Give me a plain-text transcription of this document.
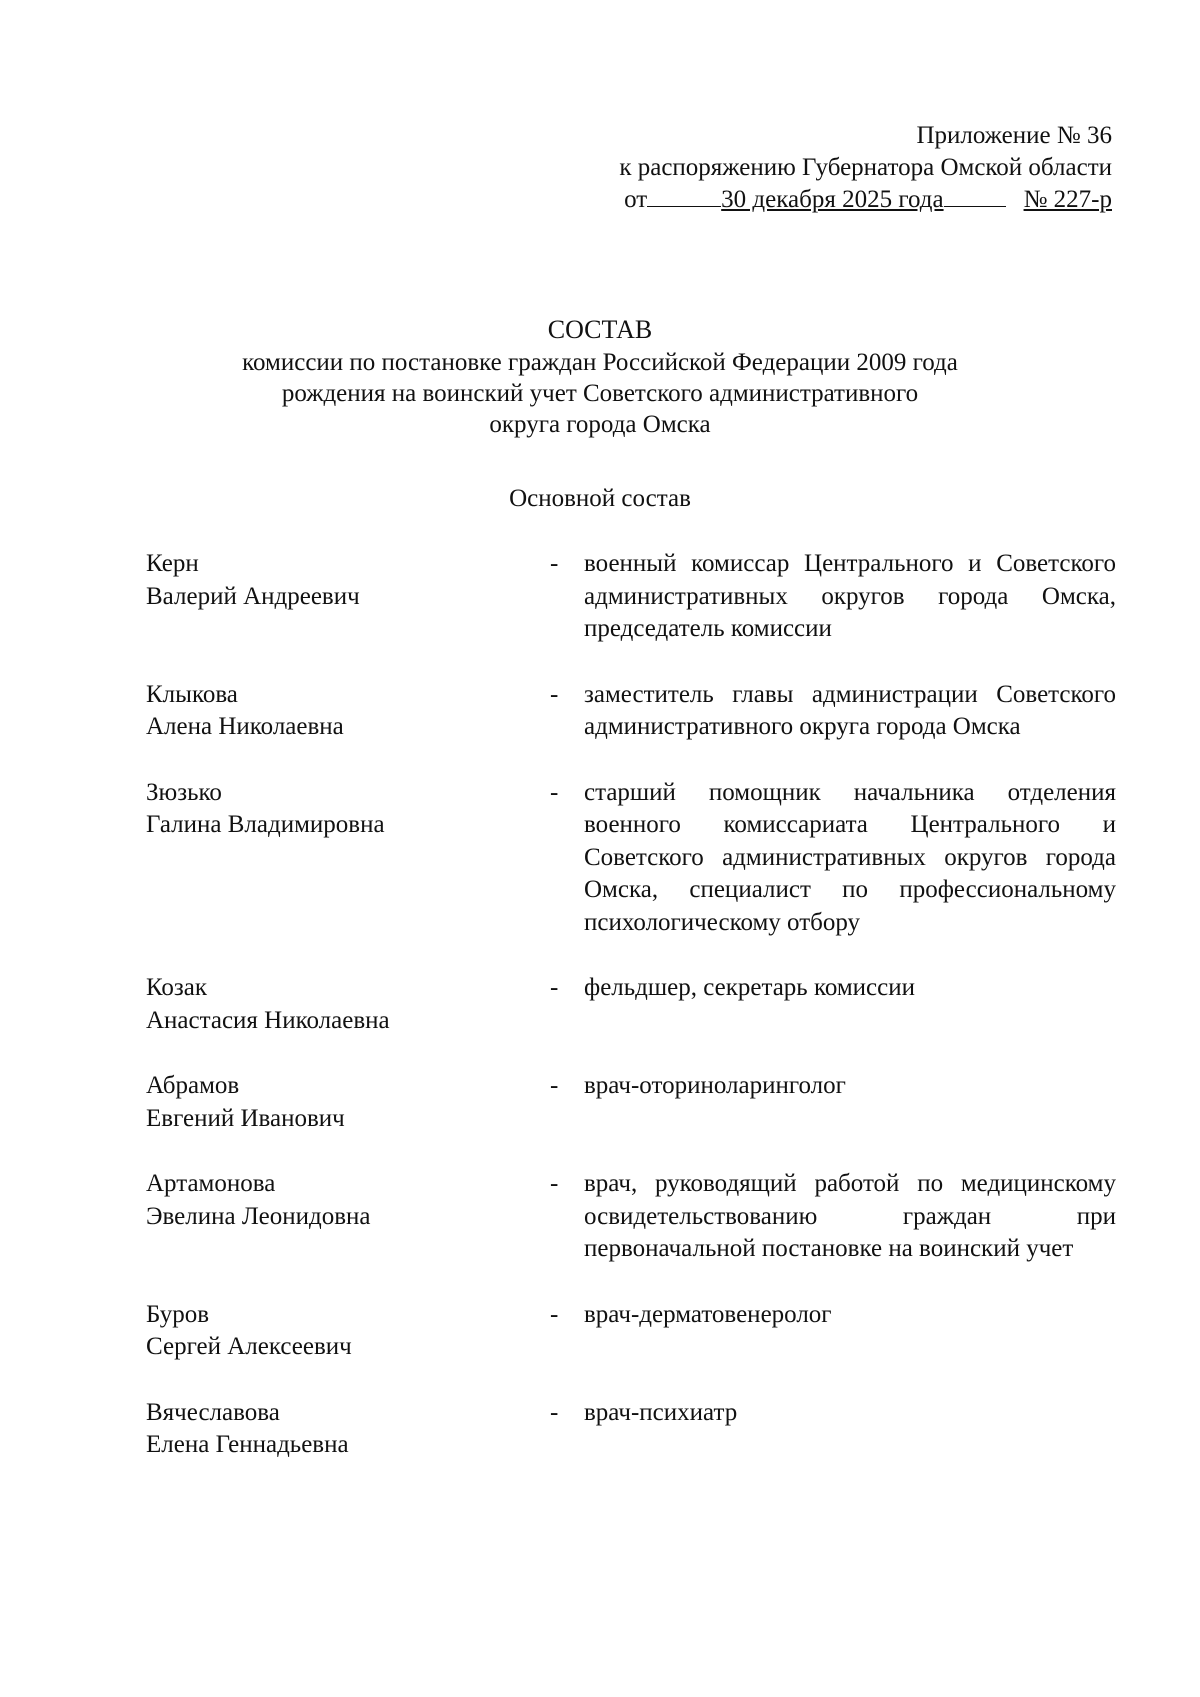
Приложение № 36
к распоряжению Губернатора Омской области
от	30 декабря 2025 года	№ 227-р
СОСТАВ
комиссии по постановке граждан Российской Федерации 2009 года
рождения на воинский учет Советского административного
округа города Омска
Основной состав
Керн
Валерий Андреевич
-	военный комиссар Центрального и Советского административных округов города Омска, председатель комиссии
Клыкова
Алена Николаевна
-	заместитель главы администрации Советского административного округа города Омска
Зюзько
Галина Владимировна
-	старший помощник начальника отделения военного комиссариата Центрального и Советского административных округов города Омска, специалист по профессиональному психологическому отбору
Козак
Анастасия Николаевна
-	фельдшер, секретарь комиссии
Абрамов
Евгений Иванович
-	врач-оториноларинголог
Артамонова
Эвелина Леонидовна
-	врач, руководящий работой по медицинскому освидетельствованию граждан при первоначальной постановке на воинский учет
Буров
Сергей Алексеевич
-	врач-дерматовенеролог
Вячеславова
Елена Геннадьевна
-	врач-психиатр
